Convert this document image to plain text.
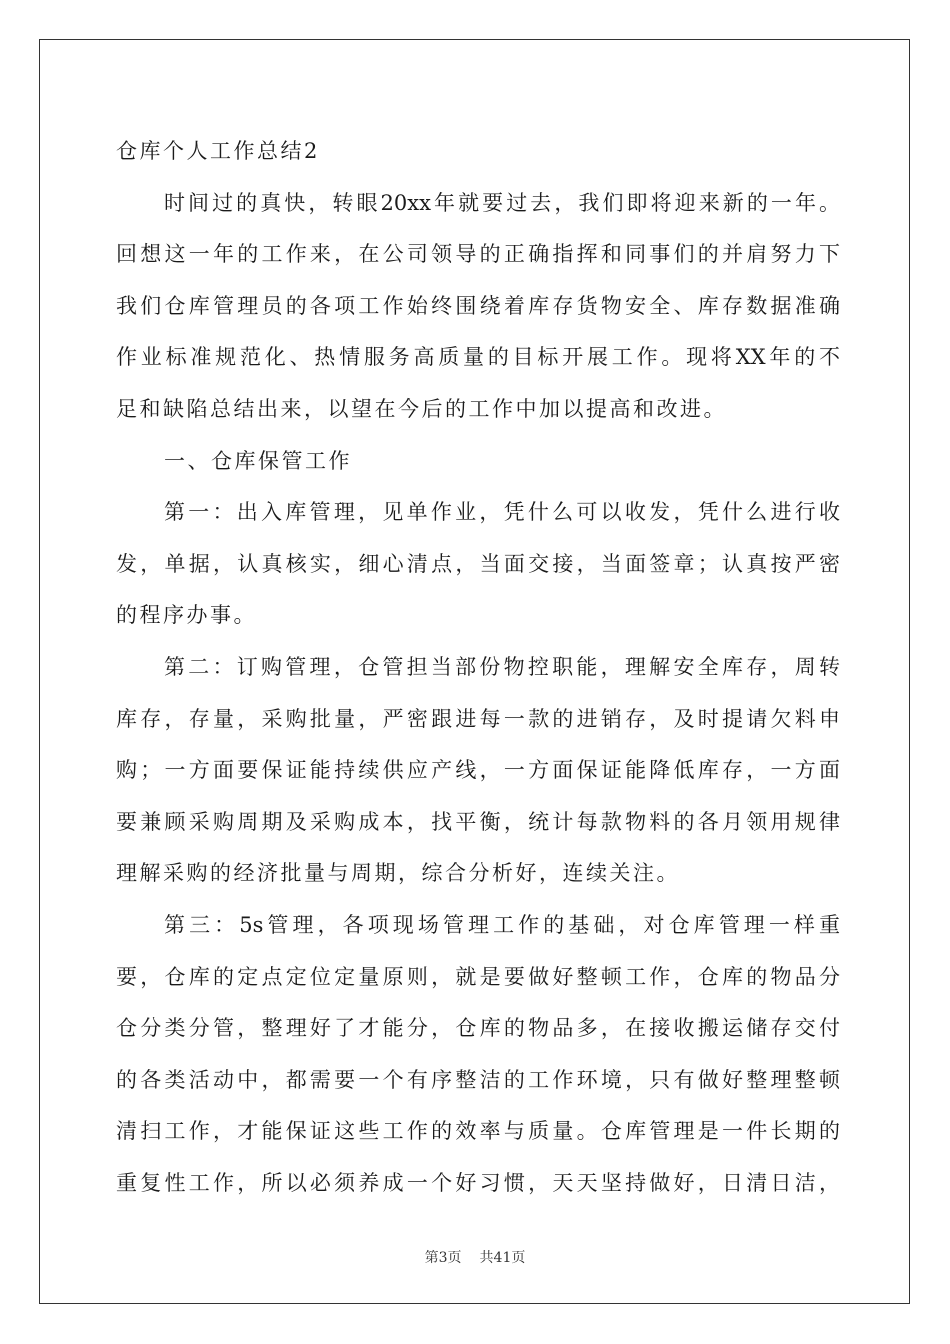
仓库个人工作总结2
时间过的真快，转眼20xx年就要过去，我们即将迎来新的一年。
回想这一年的工作来，在公司领导的正确指挥和同事们的并肩努力下
我们仓库管理员的各项工作始终围绕着库存货物安全、库存数据准确
作业标准规范化、热情服务高质量的目标开展工作。现将XX年的不
足和缺陷总结出来，以望在今后的工作中加以提高和改进。
一、仓库保管工作
第一：出入库管理，见单作业，凭什么可以收发，凭什么进行收
发，单据，认真核实，细心清点，当面交接，当面签章；认真按严密
的程序办事。
第二：订购管理，仓管担当部份物控职能，理解安全库存，周转
库存，存量，采购批量，严密跟进每一款的进销存，及时提请欠料申
购；一方面要保证能持续供应产线，一方面保证能降低库存，一方面
要兼顾采购周期及采购成本，找平衡，统计每款物料的各月领用规律
理解采购的经济批量与周期，综合分析好，连续关注。
第三：5s管理，各项现场管理工作的基础，对仓库管理一样重
要，仓库的定点定位定量原则，就是要做好整顿工作，仓库的物品分
仓分类分管，整理好了才能分，仓库的物品多，在接收搬运储存交付
的各类活动中，都需要一个有序整洁的工作环境，只有做好整理整顿
清扫工作，才能保证这些工作的效率与质量。仓库管理是一件长期的
重复性工作，所以必须养成一个好习惯，天天坚持做好，日清日洁，
第3页 共41页
